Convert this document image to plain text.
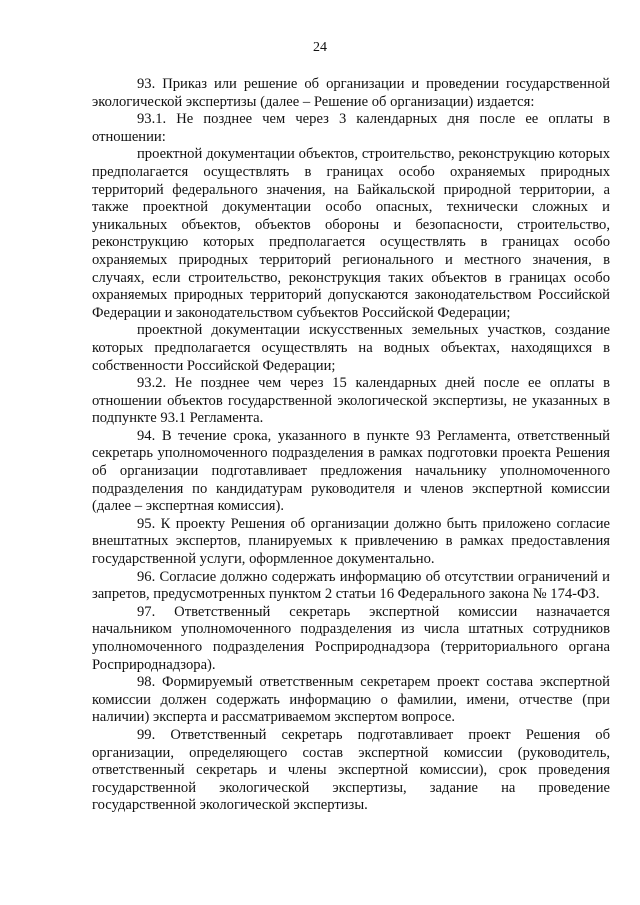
24

93. Приказ или решение об организации и проведении государственной экологической экспертизы (далее – Решение об организации) издается:

93.1. Не позднее чем через 3 календарных дня после ее оплаты в отношении:

проектной документации объектов, строительство, реконструкцию которых предполагается осуществлять в границах особо охраняемых природных территорий федерального значения, на Байкальской природной территории, а также проектной документации особо опасных, технически сложных и уникальных объектов, объектов обороны и безопасности, строительство, реконструкцию которых предполагается осуществлять в границах особо охраняемых природных территорий регионального и местного значения, в случаях, если строительство, реконструкция таких объектов в границах особо охраняемых природных территорий допускаются законодательством Российской Федерации и законодательством субъектов Российской Федерации;

проектной документации искусственных земельных участков, создание которых предполагается осуществлять на водных объектах, находящихся в собственности Российской Федерации;

93.2. Не позднее чем через 15 календарных дней после ее оплаты в отношении объектов государственной экологической экспертизы, не указанных в подпункте 93.1 Регламента.

94. В течение срока, указанного в пункте 93 Регламента, ответственный секретарь уполномоченного подразделения в рамках подготовки проекта Решения об организации подготавливает предложения начальнику уполномоченного подразделения по кандидатурам руководителя и членов экспертной комиссии (далее – экспертная комиссия).

95. К проекту Решения об организации должно быть приложено согласие внештатных экспертов, планируемых к привлечению в рамках предоставления государственной услуги, оформленное документально.

96. Согласие должно содержать информацию об отсутствии ограничений и запретов, предусмотренных пунктом 2 статьи 16 Федерального закона № 174-ФЗ.

97. Ответственный секретарь экспертной комиссии назначается начальником уполномоченного подразделения из числа штатных сотрудников уполномоченного подразделения Росприроднадзора (территориального органа Росприроднадзора).

98. Формируемый ответственным секретарем проект состава экспертной комиссии должен содержать информацию о фамилии, имени, отчестве (при наличии) эксперта и рассматриваемом экспертом вопросе.

99. Ответственный секретарь подготавливает проект Решения об организации, определяющего состав экспертной комиссии (руководитель, ответственный секретарь и члены экспертной комиссии), срок проведения государственной экологической экспертизы, задание на проведение государственной экологической экспертизы.
